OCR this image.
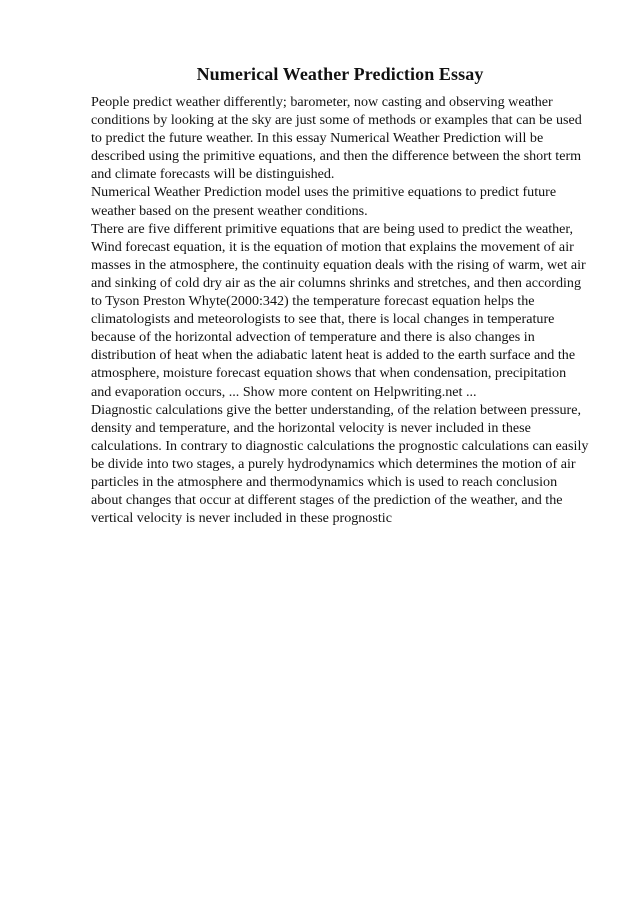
Numerical Weather Prediction Essay

People predict weather differently; barometer, now casting and observing weather conditions by looking at the sky are just some of methods or examples that can be used to predict the future weather. In this essay Numerical Weather Prediction will be described using the primitive equations, and then the difference between the short term and climate forecasts will be distinguished.

Numerical Weather Prediction model uses the primitive equations to predict future weather based on the present weather conditions.

There are five different primitive equations that are being used to predict the weather, Wind forecast equation, it is the equation of motion that explains the movement of air masses in the atmosphere, the continuity equation deals with the rising of warm, wet air and sinking of cold dry air as the air columns shrinks and stretches, and then according to Tyson Preston Whyte(2000:342) the temperature forecast equation helps the climatologists and meteorologists to see that, there is local changes in temperature because of the horizontal advection of temperature and there is also changes in distribution of heat when the adiabatic latent heat is added to the earth surface and the atmosphere, moisture forecast equation shows that when condensation, precipitation and evaporation occurs, ... Show more content on Helpwriting.net ...

Diagnostic calculations give the better understanding, of the relation between pressure, density and temperature, and the horizontal velocity is never included in these calculations. In contrary to diagnostic calculations the prognostic calculations can easily be divide into two stages, a purely hydrodynamics which determines the motion of air particles in the atmosphere and thermodynamics which is used to reach conclusion about changes that occur at different stages of the prediction of the weather, and the vertical velocity is never included in these prognostic
